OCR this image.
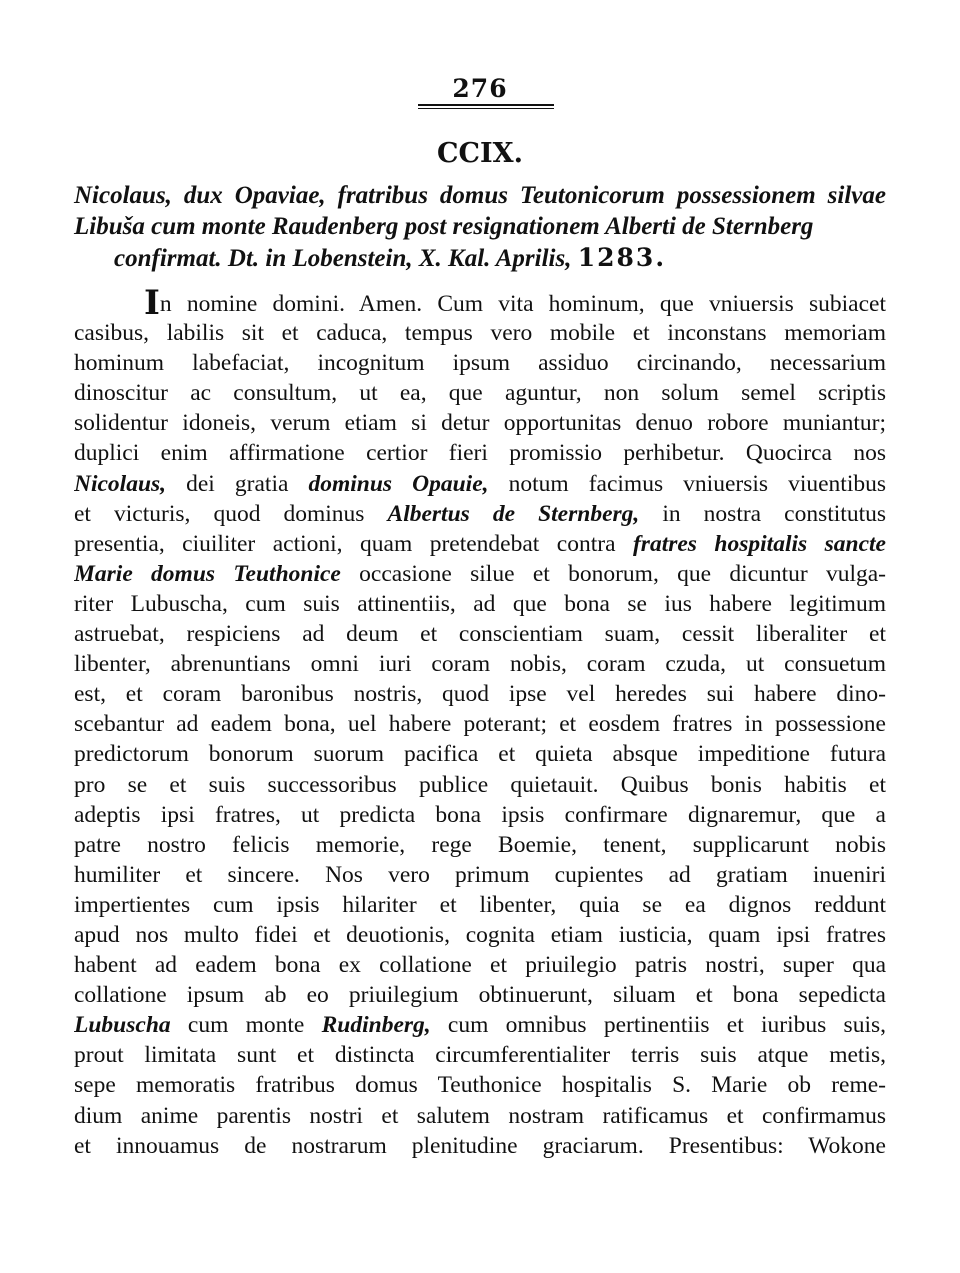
276
CCIX.

Nicolaus, dux Opaviae, fratribus domus Teutonicorum possessionem silvae Libuša cum monte Raudenberg post resignationem Alberti de Sternberg
confirmat. Dt. in Lobenstein, X. Kal. Aprilis, 1283.

In nomine domini. Amen. Cum vita hominum, que vniuersis subiacet
casibus, labilis sit et caduca, tempus vero mobile et inconstans memoriam
hominum labefaciat, incognitum ipsum assiduo circinando, necessarium
dinoscitur ac consultum, ut ea, que aguntur, non solum semel scriptis
solidentur idoneis, verum etiam si detur opportunitas denuo robore muniantur;
duplici enim affirmatione certior fieri promissio perhibetur. Quocirca nos
Nicolaus, dei gratia dominus Opauie, notum facimus vniuersis viuentibus
et victuris, quod dominus Albertus de Sternberg, in nostra constitutus
presentia, ciuiliter actioni, quam pretendebat contra fratres hospitalis sancte
Marie domus Teuthonice occasione silue et bonorum, que dicuntur vulga-
riter Lubuscha, cum suis attinentiis, ad que bona se ius habere legitimum
astruebat, respiciens ad deum et conscientiam suam, cessit liberaliter et
libenter, abrenuntians omni iuri coram nobis, coram czuda, ut consuetum
est, et coram baronibus nostris, quod ipse vel heredes sui habere dino-
scebantur ad eadem bona, uel habere poterant; et eosdem fratres in possessione
predictorum bonorum suorum pacifica et quieta absque impeditione futura
pro se et suis successoribus publice quietauit. Quibus bonis habitis et
adeptis ipsi fratres, ut predicta bona ipsis confirmare dignaremur, que a
patre nostro felicis memorie, rege Boemie, tenent, supplicarunt nobis
humiliter et sincere. Nos vero primum cupientes ad gratiam inueniri
impertientes cum ipsis hilariter et libenter, quia se ea dignos reddunt
apud nos multo fidei et deuotionis, cognita etiam iusticia, quam ipsi fratres
habent ad eadem bona ex collatione et priuilegio patris nostri, super qua
collatione ipsum ab eo priuilegium obtinuerunt, siluam et bona sepedicta
Lubuscha cum monte Rudinberg, cum omnibus pertinentiis et iuribus suis,
prout limitata sunt et distincta circumferentialiter terris suis atque metis,
sepe memoratis fratribus domus Teuthonice hospitalis S. Marie ob reme-
dium anime parentis nostri et salutem nostram ratificamus et confirmamus
et innouamus de nostrarum plenitudine graciarum. Presentibus: Wokone
